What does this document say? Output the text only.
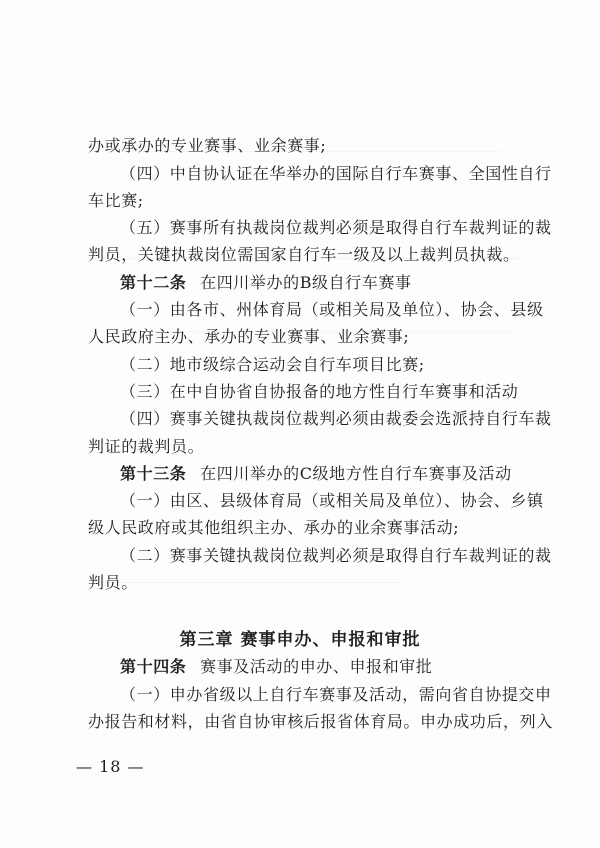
办或承办的专业赛事、业余赛事;
（四）中自协认证在华举办的国际自行车赛事、全国性自行
车比赛;
（五）赛事所有执裁岗位裁判必须是取得自行车裁判证的裁
判员，关键执裁岗位需国家自行车一级及以上裁判员执裁。
第十二条 在四川举办的B级自行车赛事
（一）由各市、州体育局（或相关局及单位）、协会、县级
人民政府主办、承办的专业赛事、业余赛事;
（二）地市级综合运动会自行车项目比赛;
（三）在中自协省自协报备的地方性自行车赛事和活动
（四）赛事关键执裁岗位裁判必须由裁委会选派持自行车裁
判证的裁判员。
第十三条 在四川举办的C级地方性自行车赛事及活动
（一）由区、县级体育局（或相关局及单位）、协会、乡镇
级人民政府或其他组织主办、承办的业余赛事活动;
（二）赛事关键执裁岗位裁判必须是取得自行车裁判证的裁
判员。
第三章 赛事申办、申报和审批
第十四条 赛事及活动的申办、申报和审批
（一）申办省级以上自行车赛事及活动，需向省自协提交申
办报告和材料，由省自协审核后报省体育局。申办成功后，列入
— 18 —
